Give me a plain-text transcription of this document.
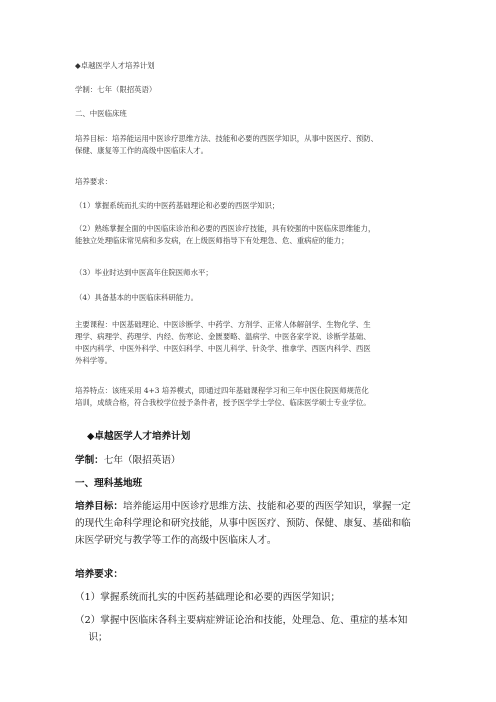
◆卓越医学人才培养计划
学制：七年（限招英语）
二、中医临床班

培养目标：培养能运用中医诊疗思维方法、技能和必要的西医学知识，从事中医医疗、预防、

保健、康复等工作的高级中医临床人才。

培养要求：
（1）掌握系统而扎实的中医药基础理论和必要的西医学知识；

（2）熟练掌握全面的中医临床诊治和必要的西医诊疗技能，具有较强的中医临床思维能力，

能独立处理临床常见病和多发病，在上级医师指导下有处理急、危、重病症的能力；

（3）毕业时达到中医高年住院医师水平；
（4）具备基本的中医临床科研能力。

主要课程：中医基础理论、中医诊断学、中药学、方剂学、正常人体解剖学、生物化学、生

理学、病理学、药理学、内经、伤寒论、金匮要略、温病学、中医各家学说、诊断学基础、

中医内科学、中医外科学、中医妇科学、中医儿科学、针灸学、推拿学、西医内科学、西医

外科学等。

培养特点：该班采用 4+3 培养模式，即通过四年基础课程学习和三年中医住院医师规范化

培训，成绩合格，符合我校学位授予条件者，授予医学学士学位、临床医学硕士专业学位。

◆卓越医学人才培养计划
学制：七年（限招英语）
一、理科基地班

培养目标：培养能运用中医诊疗思维方法、技能和必要的西医学知识，掌握一定

的现代生命科学理论和研究技能，从事中医医疗、预防、保健、康复、基础和临

床医学研究与教学等工作的高级中医临床人才。

培养要求：
（1）掌握系统而扎实的中医药基础理论和必要的西医学知识；

（2）掌握中医临床各科主要病症辨证论治和技能，处理急、危、重症的基本知

识；
